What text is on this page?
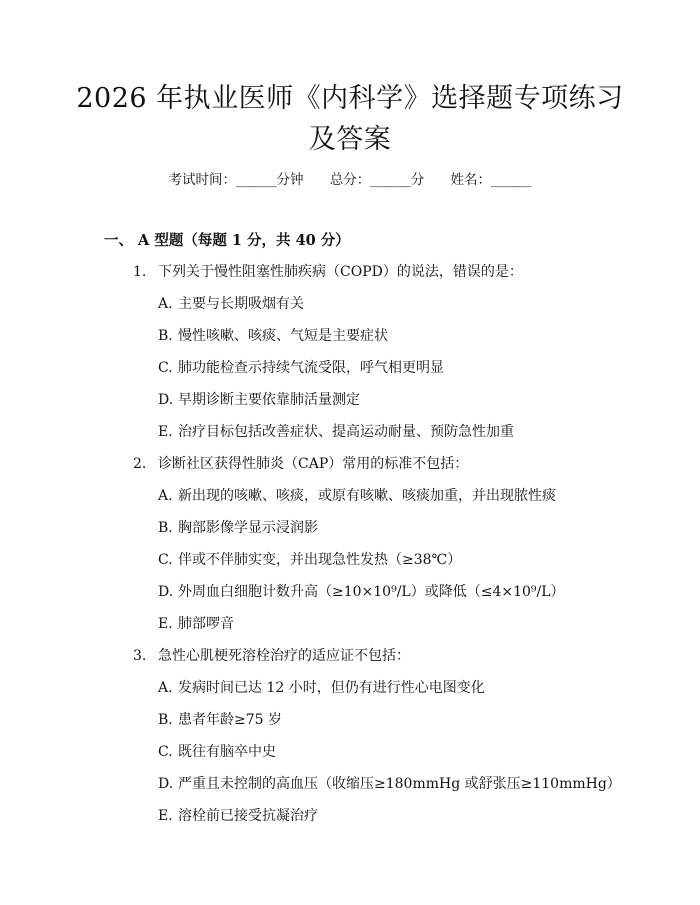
2026 年执业医师《内科学》选择题专项练习
及答案
考试时间：______分钟 总分：______分 姓名：______
一、 A 型题（每题 1 分，共 40 分）
1. 下列关于慢性阻塞性肺疾病（COPD）的说法，错误的是：
A. 主要与长期吸烟有关
B. 慢性咳嗽、咳痰、气短是主要症状
C. 肺功能检查示持续气流受限，呼气相更明显
D. 早期诊断主要依靠肺活量测定
E. 治疗目标包括改善症状、提高运动耐量、预防急性加重
2. 诊断社区获得性肺炎（CAP）常用的标准不包括：
A. 新出现的咳嗽、咳痰，或原有咳嗽、咳痰加重，并出现脓性痰
B. 胸部影像学显示浸润影
C. 伴或不伴肺实变，并出现急性发热（≥38℃）
D. 外周血白细胞计数升高（≥10×10⁹/L）或降低（≤4×10⁹/L）
E. 肺部啰音
3. 急性心肌梗死溶栓治疗的适应证不包括：
A. 发病时间已达 12 小时，但仍有进行性心电图变化
B. 患者年龄≥75 岁
C. 既往有脑卒中史
D. 严重且未控制的高血压（收缩压≥180mmHg 或舒张压≥110mmHg）
E. 溶栓前已接受抗凝治疗
